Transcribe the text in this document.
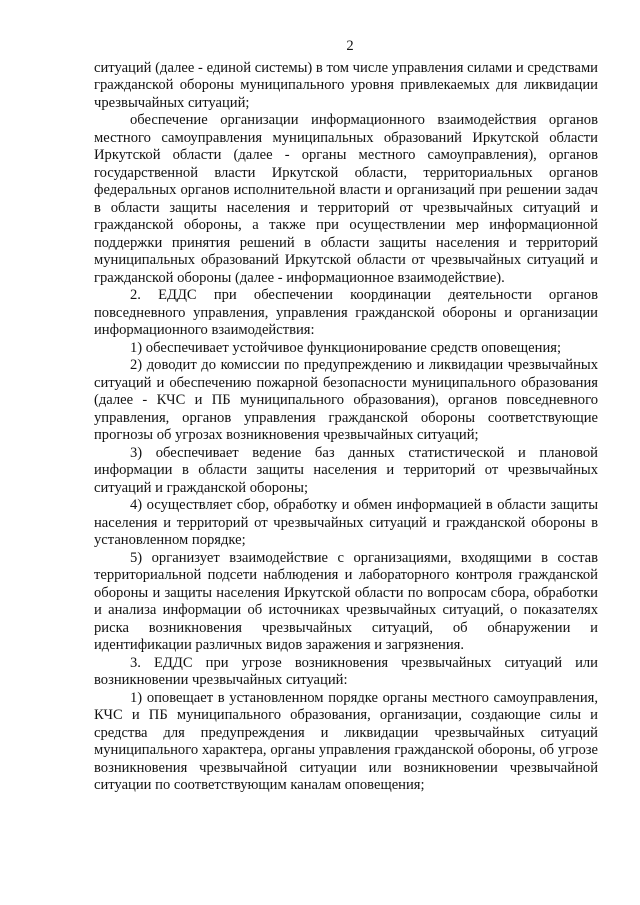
2

ситуаций (далее - единой системы) в том числе управления силами и средствами гражданской обороны муниципального уровня привлекаемых для ликвидации чрезвычайных ситуаций;

обеспечение организации информационного взаимодействия органов местного самоуправления муниципальных образований Иркутской области Иркутской области (далее - органы местного самоуправления), органов государственной власти Иркутской области, территориальных органов федеральных органов исполнительной власти и организаций при решении задач в области защиты населения и территорий от чрезвычайных ситуаций и гражданской обороны, а также при осуществлении мер информационной поддержки принятия решений в области защиты населения и территорий муниципальных образований Иркутской области от чрезвычайных ситуаций и гражданской обороны (далее - информационное взаимодействие).

2. ЕДДС при обеспечении координации деятельности органов повседневного управления, управления гражданской обороны и организации информационного взаимодействия:

1) обеспечивает устойчивое функционирование средств оповещения;

2) доводит до комиссии по предупреждению и ликвидации чрезвычайных ситуаций и обеспечению пожарной безопасности муниципального образования (далее - КЧС и ПБ муниципального образования), органов повседневного управления, органов управления гражданской обороны соответствующие прогнозы об угрозах возникновения чрезвычайных ситуаций;

3) обеспечивает ведение баз данных статистической и плановой информации в области защиты населения и территорий от чрезвычайных ситуаций и гражданской обороны;

4) осуществляет сбор, обработку и обмен информацией в области защиты населения и территорий от чрезвычайных ситуаций и гражданской обороны в установленном порядке;

5) организует взаимодействие с организациями, входящими в состав территориальной подсети наблюдения и лабораторного контроля гражданской обороны и защиты населения Иркутской области по вопросам сбора, обработки и анализа информации об источниках чрезвычайных ситуаций, о показателях риска возникновения чрезвычайных ситуаций, об обнаружении и идентификации различных видов заражения и загрязнения.

3. ЕДДС при угрозе возникновения чрезвычайных ситуаций или возникновении чрезвычайных ситуаций:

1) оповещает в установленном порядке органы местного самоуправления, КЧС и ПБ муниципального образования, организации, создающие силы и средства для предупреждения и ликвидации чрезвычайных ситуаций муниципального характера, органы управления гражданской обороны, об угрозе возникновения чрезвычайной ситуации или возникновении чрезвычайной ситуации по соответствующим каналам оповещения;
